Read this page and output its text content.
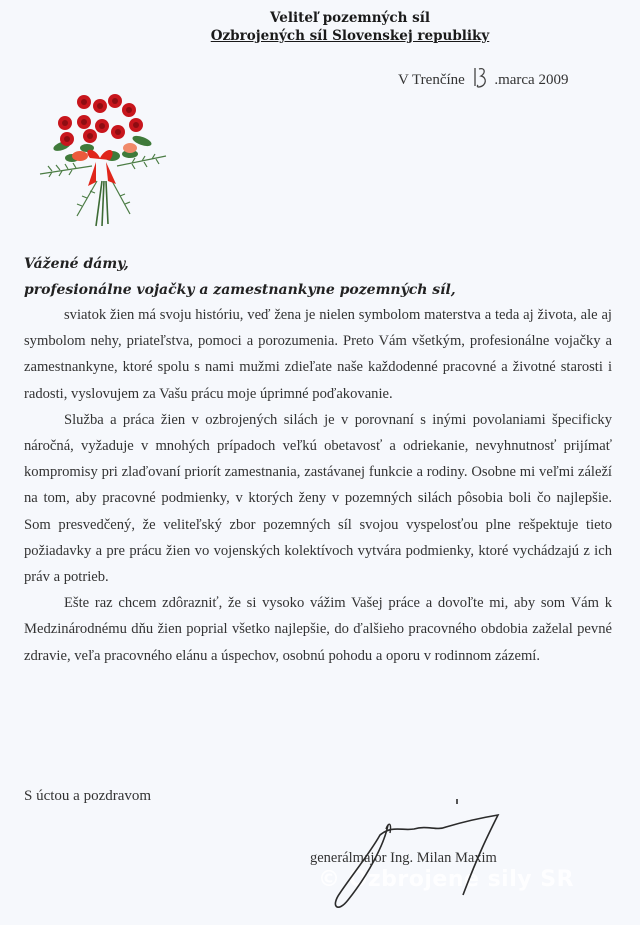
Veliteľ pozemných síl
Ozbrojených síl Slovenskej republiky
V Trenčíne .marca 2009
Vážené dámy,
profesionálne vojačky a zamestnankyne pozemných síl,

sviatok žien má svoju históriu, veď žena je nielen symbolom materstva a teda aj života, ale aj symbolom nehy, priateľstva, pomoci a porozumenia. Preto Vám všetkým, profesionálne vojačky a zamestnankyne, ktoré spolu s nami mužmi zdieľate naše každodenné pracovné a životné starosti i radosti, vyslovujem za Vašu prácu moje úprimné poďakovanie.

Služba a práca žien v ozbrojených silách je v porovnaní s inými povolaniami špecificky náročná, vyžaduje v mnohých prípadoch veľkú obetavosť a odriekanie, nevyhnutnosť prijímať kompromisy pri zlaďovaní priorít zamestnania, zastávanej funkcie a rodiny. Osobne mi veľmi záleží na tom, aby pracovné podmienky, v ktorých ženy v pozemných silách pôsobia boli čo najlepšie. Som presvedčený, že veliteľský zbor pozemných síl svojou vyspelosťou plne rešpektuje tieto požiadavky a pre prácu žien vo vojenských kolektívoch vytvára podmienky, ktoré vychádzajú z ich práv a potrieb.

Ešte raz chcem zdôrazniť, že si vysoko vážim Vašej práce a dovoľte mi, aby som Vám k Medzinárodnému dňu žien poprial všetko najlepšie, do ďalšieho pracovného obdobia zaželal pevné zdravie, veľa pracovného elánu a úspechov, osobnú pohodu a oporu v rodinnom zázemí.

S úctou a pozdravom
generálmajor Ing. Milan Maxim
© Ozbrojené sily SR
